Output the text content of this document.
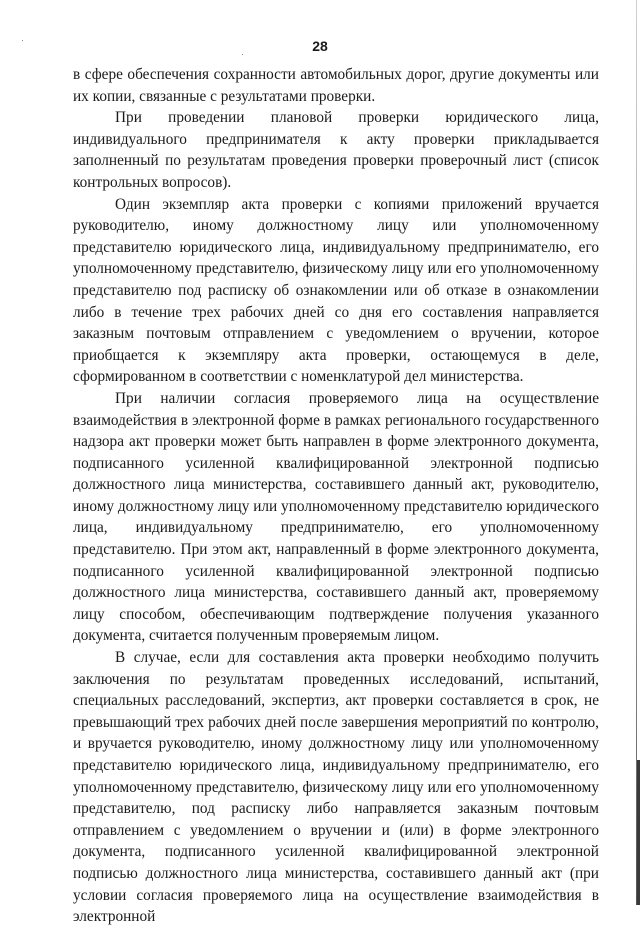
28

в сфере обеспечения сохранности автомобильных дорог, другие документы или их копии, связанные с результатами проверки.

При проведении плановой проверки юридического лица, индивидуального предпринимателя к акту проверки прикладывается заполненный по результатам проведения проверки проверочный лист (список контрольных вопросов).

Один экземпляр акта проверки с копиями приложений вручается руководителю, иному должностному лицу или уполномоченному представителю юридического лица, индивидуальному предпринимателю, его уполномоченному представителю, физическому лицу или его уполномоченному представителю под расписку об ознакомлении или об отказе в ознакомлении либо в течение трех рабочих дней со дня его составления направляется заказным почтовым отправлением с уведомлением о вручении, которое приобщается к экземпляру акта проверки, остающемуся в деле, сформированном в соответствии с номенклатурой дел министерства.

При наличии согласия проверяемого лица на осуществление взаимодействия в электронной форме в рамках регионального государственного надзора акт проверки может быть направлен в форме электронного документа, подписанного усиленной квалифицированной электронной подписью должностного лица министерства, составившего данный акт, руководителю, иному должностному лицу или уполномоченному представителю юридического лица, индивидуальному предпринимателю, его уполномоченному представителю. При этом акт, направленный в форме электронного документа, подписанного усиленной квалифицированной электронной подписью должностного лица министерства, составившего данный акт, проверяемому лицу способом, обеспечивающим подтверждение получения указанного документа, считается полученным проверяемым лицом.

В случае, если для составления акта проверки необходимо получить заключения по результатам проведенных исследований, испытаний, специальных расследований, экспертиз, акт проверки составляется в срок, не превышающий трех рабочих дней после завершения мероприятий по контролю, и вручается руководителю, иному должностному лицу или уполномоченному представителю юридического лица, индивидуальному предпринимателю, его уполномоченному представителю, физическому лицу или его уполномоченному представителю, под расписку либо направляется заказным почтовым отправлением с уведомлением о вручении и (или) в форме электронного документа, подписанного усиленной квалифицированной электронной подписью должностного лица министерства, составившего данный акт (при условии согласия проверяемого лица на осуществление взаимодействия в электронной
